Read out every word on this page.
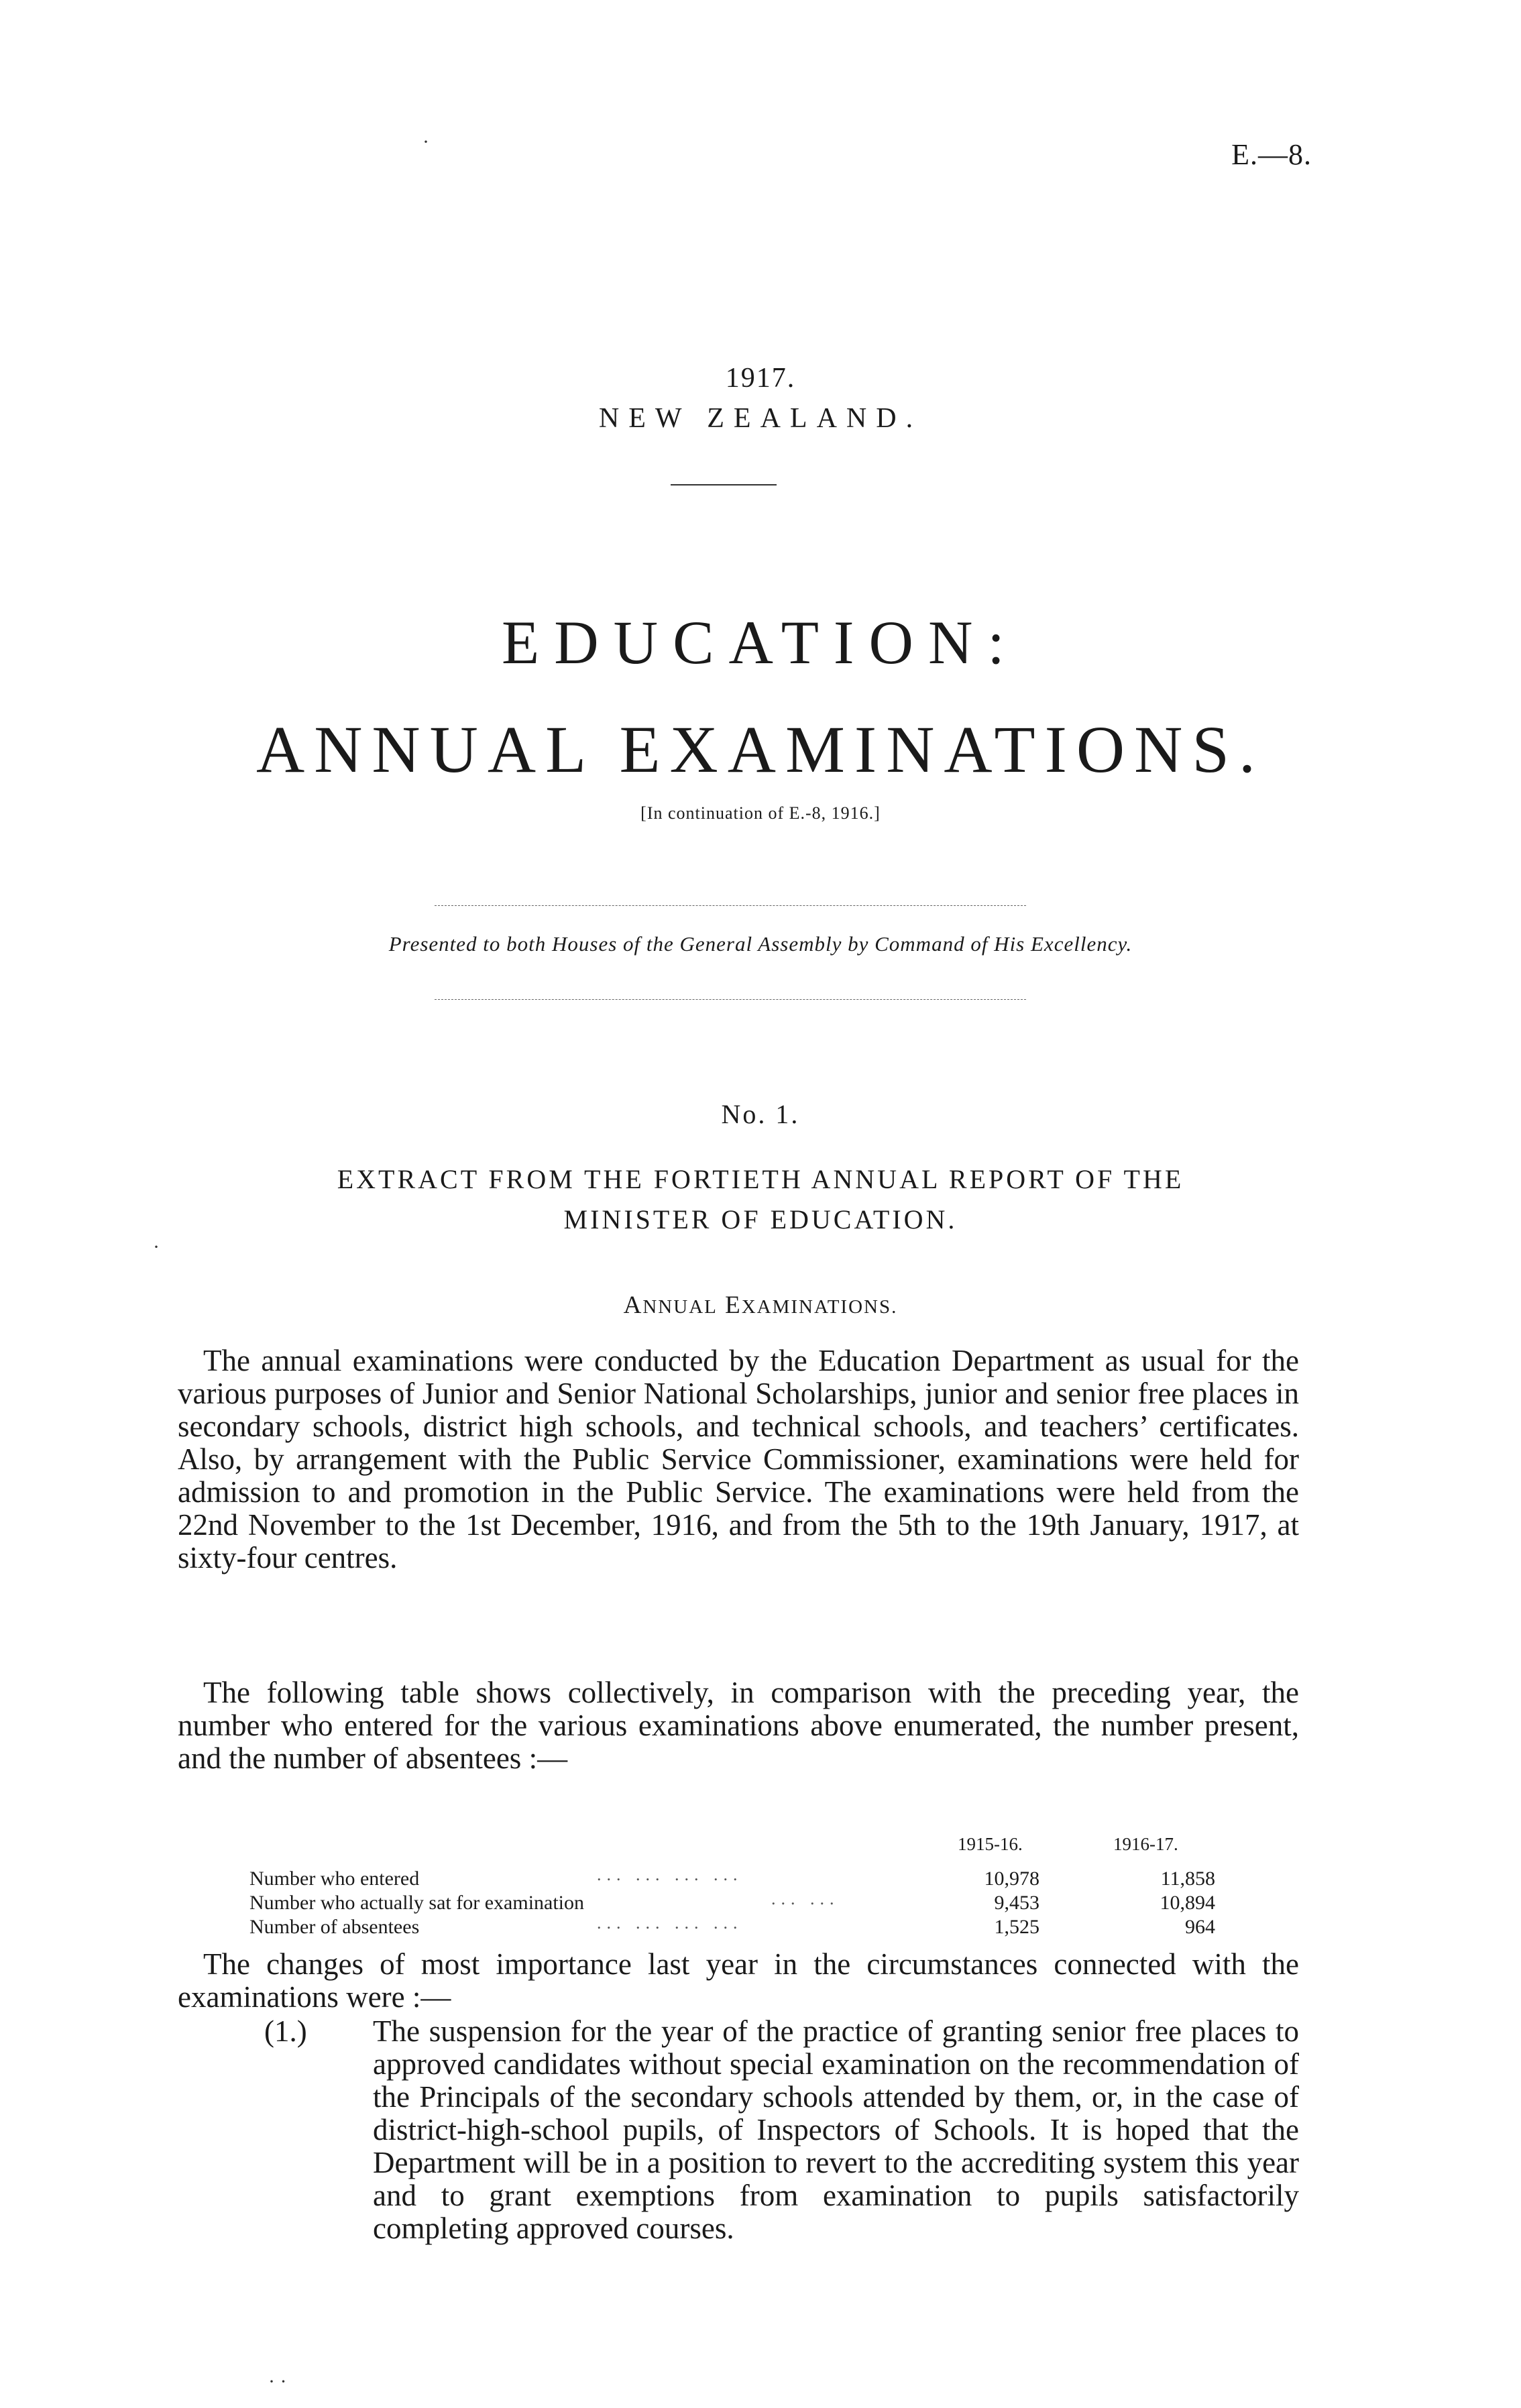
E.—8.
·
·
· ·
1917.
NEW ZEALAND.
EDUCATION:
ANNUAL EXAMINATIONS.
[In continuation of E.-8, 1916.]
Presented to both Houses of the General Assembly by Command of His Excellency.
No. 1.
EXTRACT FROM THE FORTIETH ANNUAL REPORT OF THE
MINISTER OF EDUCATION.
ANNUAL EXAMINATIONS.
The annual examinations were conducted by the Education Department as usual for the various purposes of Junior and Senior National Scholarships, junior and senior free places in secondary schools, district high schools, and technical schools, and teachers’ certificates. Also, by arrangement with the Public Service Commissioner, examinations were held for admission to and promotion in the Public Service. The examinations were held from the 22nd November to the 1st December, 1916, and from the 5th to the 19th January, 1917, at sixty-four centres.
The following table shows collectively, in comparison with the preceding year, the number who entered for the various examinations above enumerated, the number present, and the number of absentees :—
1915-16.	1916-17.
Number who entered	... ... ... ...	10,978	11,858
Number who actually sat for examination	... ...	9,453	10,894
Number of absentees	... ... ... ...	1,525	964
The changes of most importance last year in the circumstances connected with the examinations were :—
(1.) The suspension for the year of the practice of granting senior free places to approved candidates without special examination on the recommendation of the Principals of the secondary schools attended by them, or, in the case of district-high-school pupils, of Inspectors of Schools. It is hoped that the Department will be in a position to revert to the accrediting system this year and to grant exemptions from examination to pupils satisfactorily completing approved courses.
